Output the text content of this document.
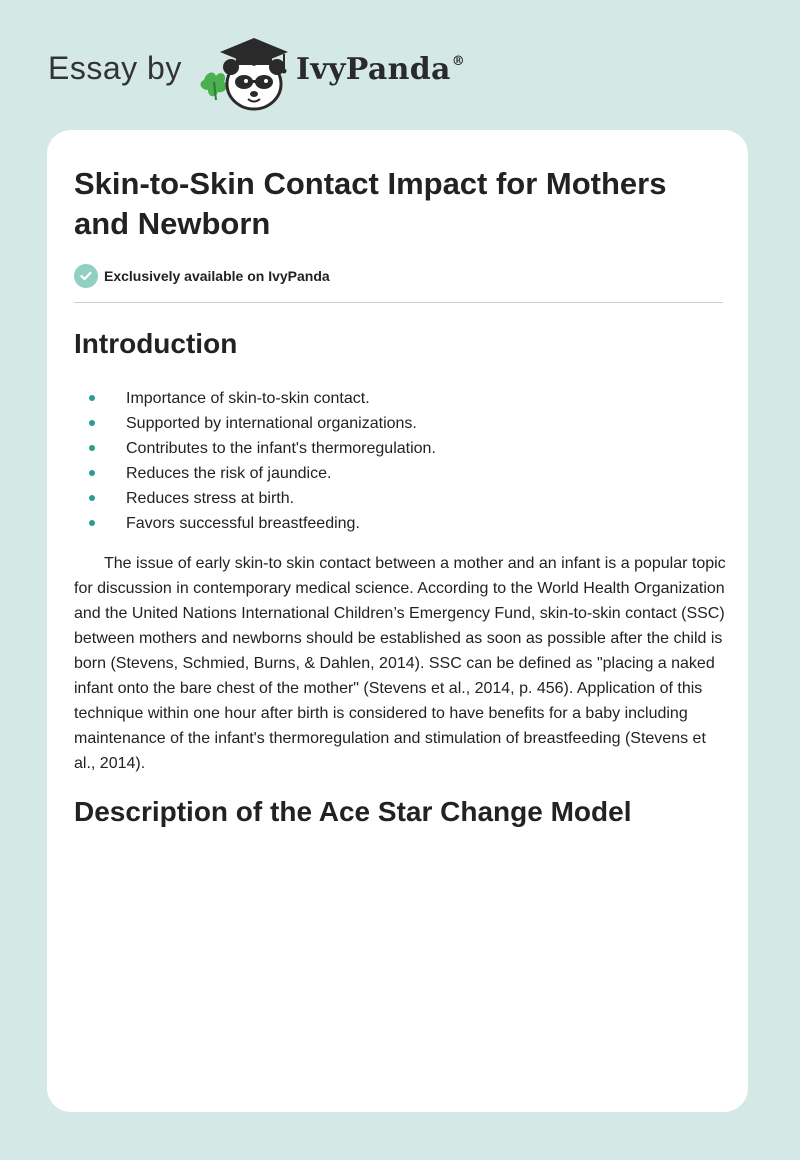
Essay by	IvyPanda®
Skin-to-Skin Contact Impact for Mothers and Newborn
Exclusively available on IvyPanda
Introduction
Importance of skin-to-skin contact.
Supported by international organizations.
Contributes to the infant's thermoregulation.
Reduces the risk of jaundice.
Reduces stress at birth.
Favors successful breastfeeding.

The issue of early skin-to skin contact between a mother and an infant is a popular topic for discussion in contemporary medical science. According to the World Health Organization and the United Nations International Children’s Emergency Fund, skin-to-skin contact (SSC) between mothers and newborns should be established as soon as possible after the child is born (Stevens, Schmied, Burns, & Dahlen, 2014). SSC can be defined as "placing a naked infant onto the bare chest of the mother" (Stevens et al., 2014, p. 456). Application of this technique within one hour after birth is considered to have benefits for a baby including maintenance of the infant's thermoregulation and stimulation of breastfeeding (Stevens et al., 2014).

Description of the Ace Star Change Model
